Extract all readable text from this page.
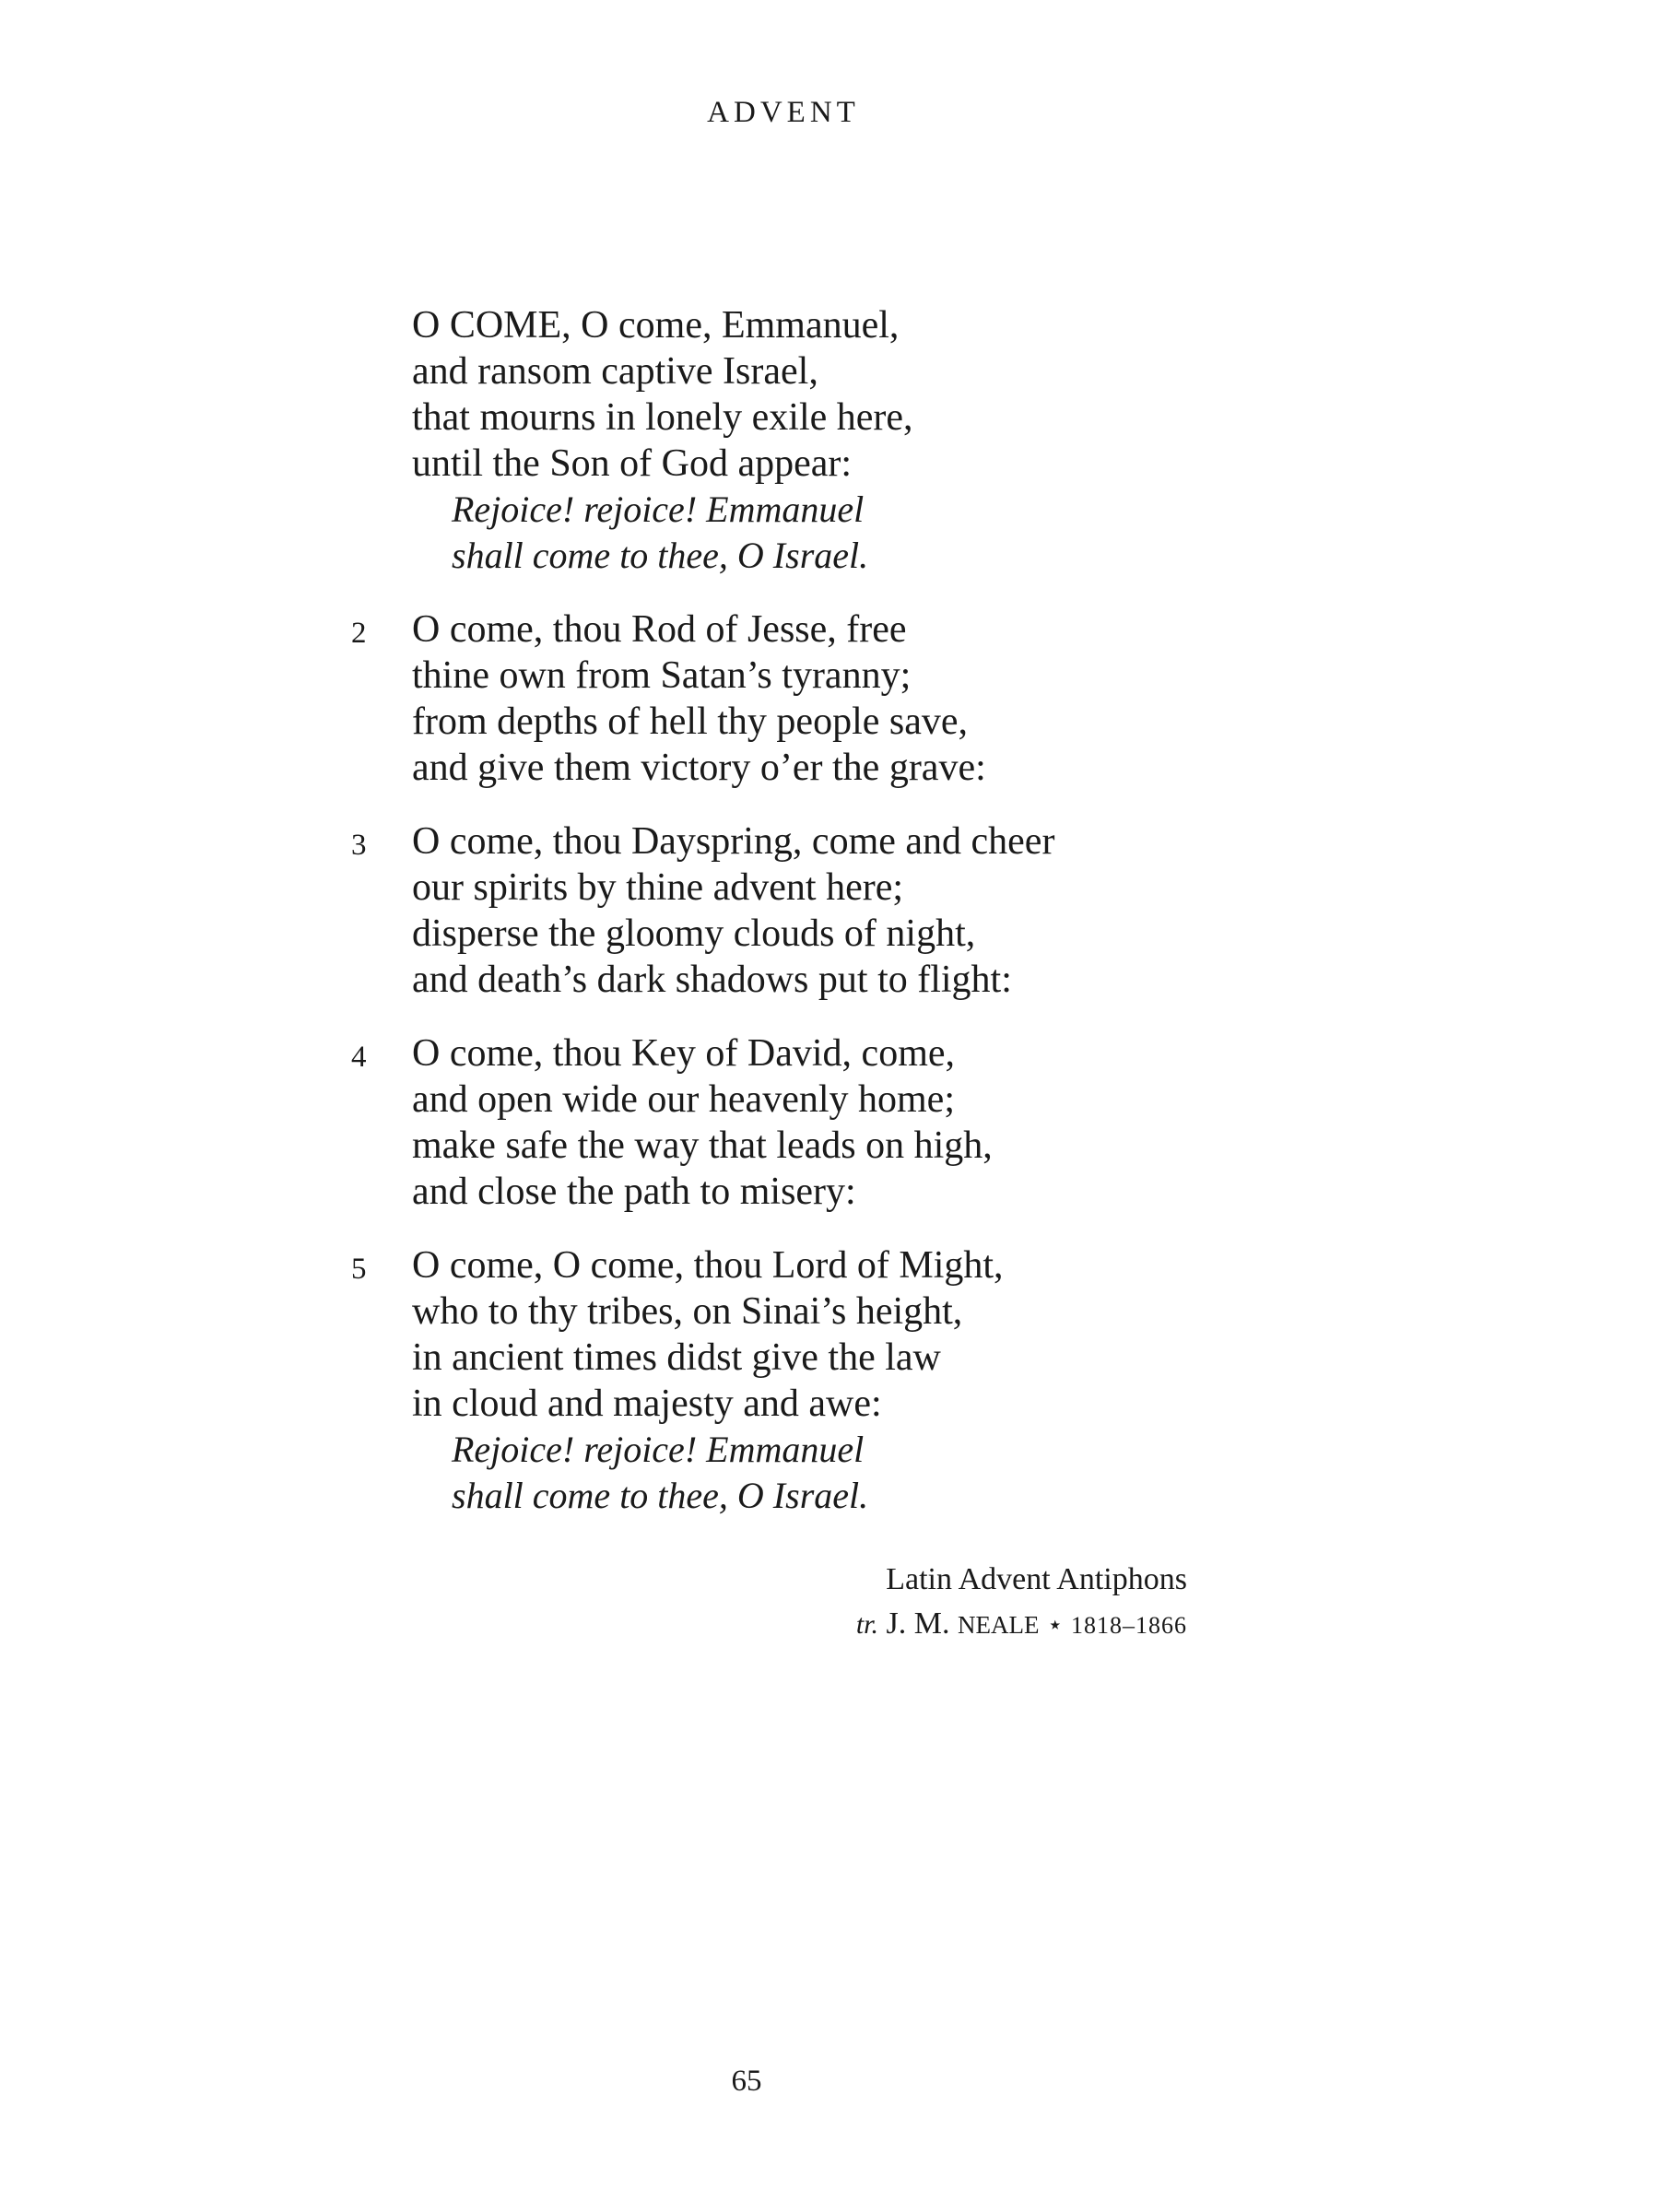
ADVENT
O COME, O come, Emmanuel,
and ransom captive Israel,
that mourns in lonely exile here,
until the Son of God appear:
Rejoice! rejoice! Emmanuel
shall come to thee, O Israel.
2	O come, thou Rod of Jesse, free
thine own from Satan’s tyranny;
from depths of hell thy people save,
and give them victory o’er the grave:
3	O come, thou Dayspring, come and cheer
our spirits by thine advent here;
disperse the gloomy clouds of night,
and death’s dark shadows put to flight:
4	O come, thou Key of David, come,
and open wide our heavenly home;
make safe the way that leads on high,
and close the path to misery:
5	O come, O come, thou Lord of Might,
who to thy tribes, on Sinai’s height,
in ancient times didst give the law
in cloud and majesty and awe:
Rejoice! rejoice! Emmanuel
shall come to thee, O Israel.
Latin Advent Antiphons
tr. J. M. NEALE ⋆ 1818–1866
65
